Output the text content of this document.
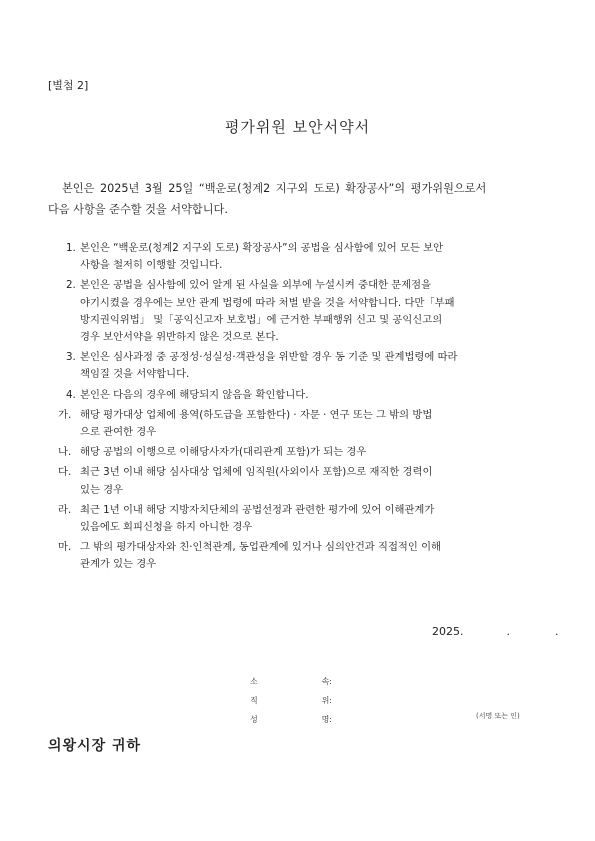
[별첨 2]
평가위원 보안서약서
본인은 2025년 3월 25일 “백운로(청계2 지구외 도로) 확장공사”의 평가위원으로서
다음 사항을 준수할 것을 서약합니다.
1. 본인은 “백운로(청계2 지구외 도로) 확장공사”의 공법을 심사함에 있어 모든 보안
사항을 철저히 이행할 것입니다.
2. 본인은 공법을 심사함에 있어 알게 된 사실을 외부에 누설시켜 중대한 문제점을
야기시켰을 경우에는 보안 관계 법령에 따라 처벌 받을 것을 서약합니다. 다만「부패
방지권익위법」 및「공익신고자 보호법」에 근거한 부패행위 신고 및 공익신고의
경우 보안서약을 위반하지 않은 것으로 본다.
3. 본인은 심사과정 중 공정성·성실성·객관성을 위반할 경우 동 기준 및 관계법령에 따라
책임질 것을 서약합니다.
4. 본인은 다음의 경우에 해당되지 않음을 확인합니다.
가. 해당 평가대상 업체에 용역(하도급을 포함한다) · 자문 · 연구 또는 그 밖의 방법
으로 관여한 경우
나. 해당 공법의 이행으로 이해당사자가(대리관계 포함)가 되는 경우
다. 최근 3년 이내 해당 심사대상 업체에 임직원(사외이사 포함)으로 재직한 경력이
있는 경우
라. 최근 1년 이내 해당 지방자치단체의 공법선정과 관련한 평가에 있어 이해관계가
있음에도 회피신청을 하지 아니한 경우
마. 그 밖의 평가대상자와 친·인척관계, 동업관계에 있거나 심의안건과 직접적인 이해
관계가 있는 경우
2025.	.	.
소	속:
직	위:
성	명:	(서명 또는 인)
의왕시장 귀하
